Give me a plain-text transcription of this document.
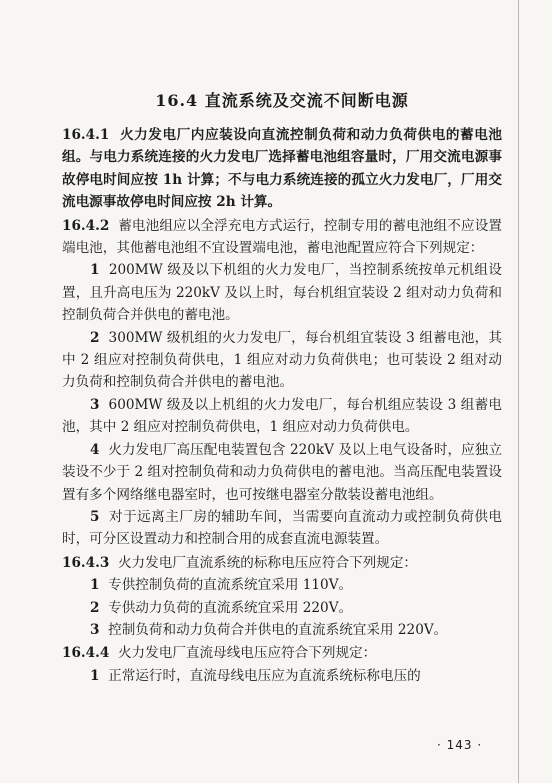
16.4 直流系统及交流不间断电源

16.4.1 火力发电厂内应装设向直流控制负荷和动力负荷供电的蓄电池组。与电力系统连接的火力发电厂选择蓄电池组容量时，厂用交流电源事故停电时间应按 1h 计算；不与电力系统连接的孤立火力发电厂，厂用交流电源事故停电时间应按 2h 计算。

16.4.2 蓄电池组应以全浮充电方式运行，控制专用的蓄电池组不应设置端电池，其他蓄电池组不宜设置端电池，蓄电池配置应符合下列规定：

1 200MW 级及以下机组的火力发电厂，当控制系统按单元机组设置，且升高电压为 220kV 及以上时，每台机组宜装设 2 组对动力负荷和控制负荷合并供电的蓄电池。

2 300MW 级机组的火力发电厂，每台机组宜装设 3 组蓄电池，其中 2 组应对控制负荷供电，1 组应对动力负荷供电；也可装设 2 组对动力负荷和控制负荷合并供电的蓄电池。

3 600MW 级及以上机组的火力发电厂，每台机组应装设 3 组蓄电池，其中 2 组应对控制负荷供电，1 组应对动力负荷供电。

4 火力发电厂高压配电装置包含 220kV 及以上电气设备时，应独立装设不少于 2 组对控制负荷和动力负荷供电的蓄电池。当高压配电装置设置有多个网络继电器室时，也可按继电器室分散装设蓄电池组。

5 对于远离主厂房的辅助车间，当需要向直流动力或控制负荷供电时，可分区设置动力和控制合用的成套直流电源装置。

16.4.3 火力发电厂直流系统的标称电压应符合下列规定：

1 专供控制负荷的直流系统宜采用 110V。

2 专供动力负荷的直流系统宜采用 220V。

3 控制负荷和动力负荷合并供电的直流系统宜采用 220V。

16.4.4 火力发电厂直流母线电压应符合下列规定：

1 正常运行时，直流母线电压应为直流系统标称电压的

· 143 ·
